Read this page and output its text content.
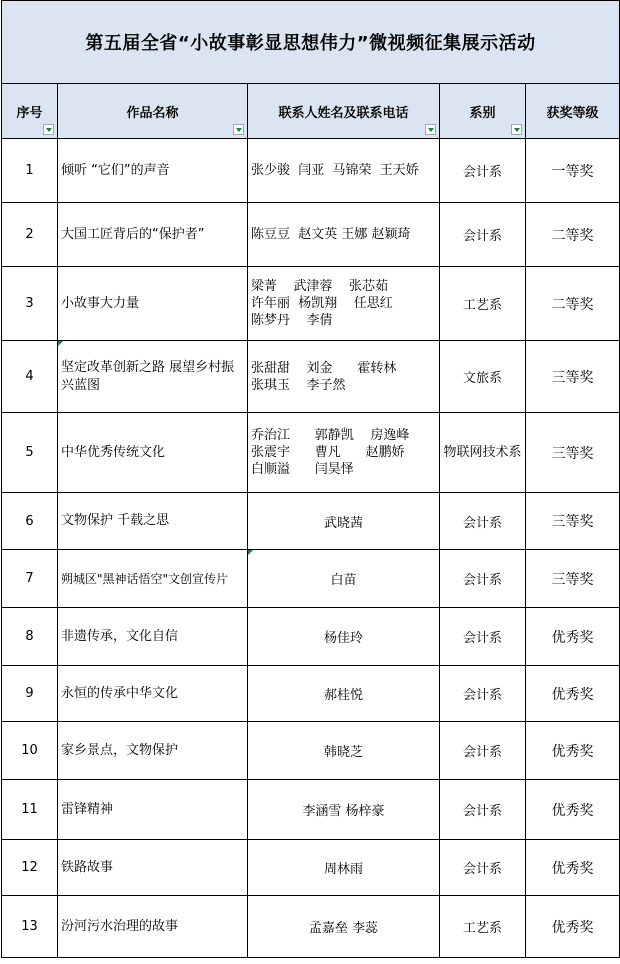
第五届全省“小故事彰显思想伟力”微视频征集展示活动				
序号	作品名称	联系人姓名及联系电话	系别	获奖等级
1	倾听 “它们”的声音	张少骏  闫亚  马锦荣  王天娇	会计系	一等奖
2	大国工匠背后的“保护者”	陈豆豆  赵文英 王娜 赵颖琦	会计系	二等奖
3	小故事大力量	梁菁    武津蓉    张芯茹
许年丽  杨凯翔    任思红
陈梦丹    李倩	工艺系	二等奖
4	坚定改革创新之路 展望乡村振兴蓝图	张甜甜    刘金      霍转林
张琪玉    李子然	文旅系	三等奖
5	中华优秀传统文化	乔治江      郭静凯    房逸峰
张震宇      曹凡      赵鹏娇
白顺溢      闫昊怿	物联网技术系	三等奖
6	文物保护 千载之思	武晓茜	会计系	三等奖
7	朔城区"黑神话悟空"文创宣传片	白苗	会计系	三等奖
8	非遗传承，文化自信	杨佳玲	会计系	优秀奖
9	永恒的传承中华文化	郝桂悦	会计系	优秀奖
10	家乡景点，文物保护	韩晓芝	会计系	优秀奖
11	雷锋精神	李涵雪 杨梓豪	会计系	优秀奖
12	铁路故事	周林雨	会计系	优秀奖
13	汾河污水治理的故事	孟嘉垒 李蕊	工艺系	优秀奖
